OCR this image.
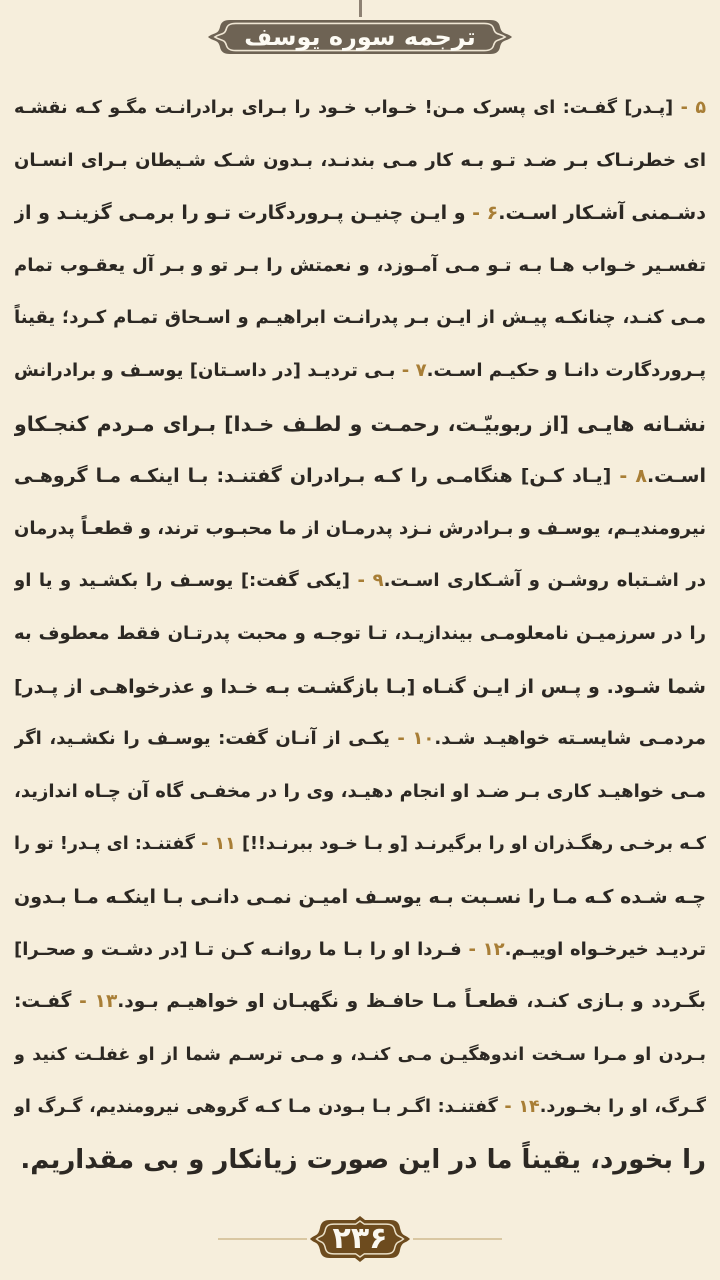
ترجمه سوره یوسف
۵ - [پـدر] گفـت: ای پسرک مـن! خـواب خـود را بـرای برادرانـت مگـو کـه نقشـه
ای خطرنـاک بـر ضـد تـو بـه کار مـی بندنـد، بـدون شـک شـیطان بـرای انسـان
دشـمنی آشـکار اسـت.۶ - و ایـن چنیـن پـروردگارت تـو را برمـی گزینـد و از
تفسـیر خـواب هـا بـه تـو مـی آمـوزد، و نعمتش را بـر تو و بـر آل یعقـوب تمام
مـی کنـد، چنانکـه پیـش از ایـن بـر پدرانـت ابراهیـم و اسـحاق تمـام کـرد؛ یقیناً
پـروردگارت دانـا و حکیـم اسـت.۷ - بـی تردیـد [در داسـتان] یوسـف و برادرانش
نشـانه هایـی [از ربوبیّـت، رحمـت و لطـف خـدا] بـرای مـردم کنجـکاو
اسـت.۸ - [یـاد کـن] هنگامـی را کـه بـرادران گفتنـد: بـا اینکـه مـا گروهـی
نیرومندیـم، یوسـف و بـرادرش نـزد پدرمـان از ما محبـوب ترند، و قطعـاً پدرمان
در اشـتباه روشـن و آشـکاری اسـت.۹ - [یکی گفت:] یوسـف را بکشـید و یا او
را در سرزمیـن نامعلومـی بیندازیـد، تـا توجـه و محبت پدرتـان فقط معطوف به
شما شـود. و پـس از ایـن گنـاه [بـا بازگشـت بـه خـدا و عذرخواهـی از پـدر]
مردمـی شایسـته خواهیـد شـد.۱۰ - یکـی از آنـان گفت: یوسـف را نکشـید، اگر
مـی خواهیـد کاری بـر ضـد او انجام دهیـد، وی را در مخفـی گاه آن چـاه اندازید،
کـه برخـی رهگـذران او را برگیرنـد [و بـا خـود ببرنـد!!] ۱۱ - گفتنـد: ای پـدر! تو را
چـه شـده کـه مـا را نسـبت بـه یوسـف امیـن نمـی دانـی بـا اینکـه مـا بـدون
تردیـد خیرخـواه اوییـم.۱۲ - فـردا او را بـا ما روانـه کـن تـا [در دشـت و صحـرا]
بگـردد و بـازی کنـد، قطعـاً مـا حافـظ و نگهبـان او خواهیـم بـود.۱۳ - گفـت:
بـردن او مـرا سـخت اندوهگیـن مـی کنـد، و مـی ترسـم شما از او غفلـت کنید و
گـرگ، او را بخـورد.۱۴ - گفتنـد: اگـر بـا بـودن مـا کـه گروهی نیرومندیم، گـرگ او
را بخورد، یقیناً ما در این صورت زیانکار و بی مقداریم.
۲۳۶
